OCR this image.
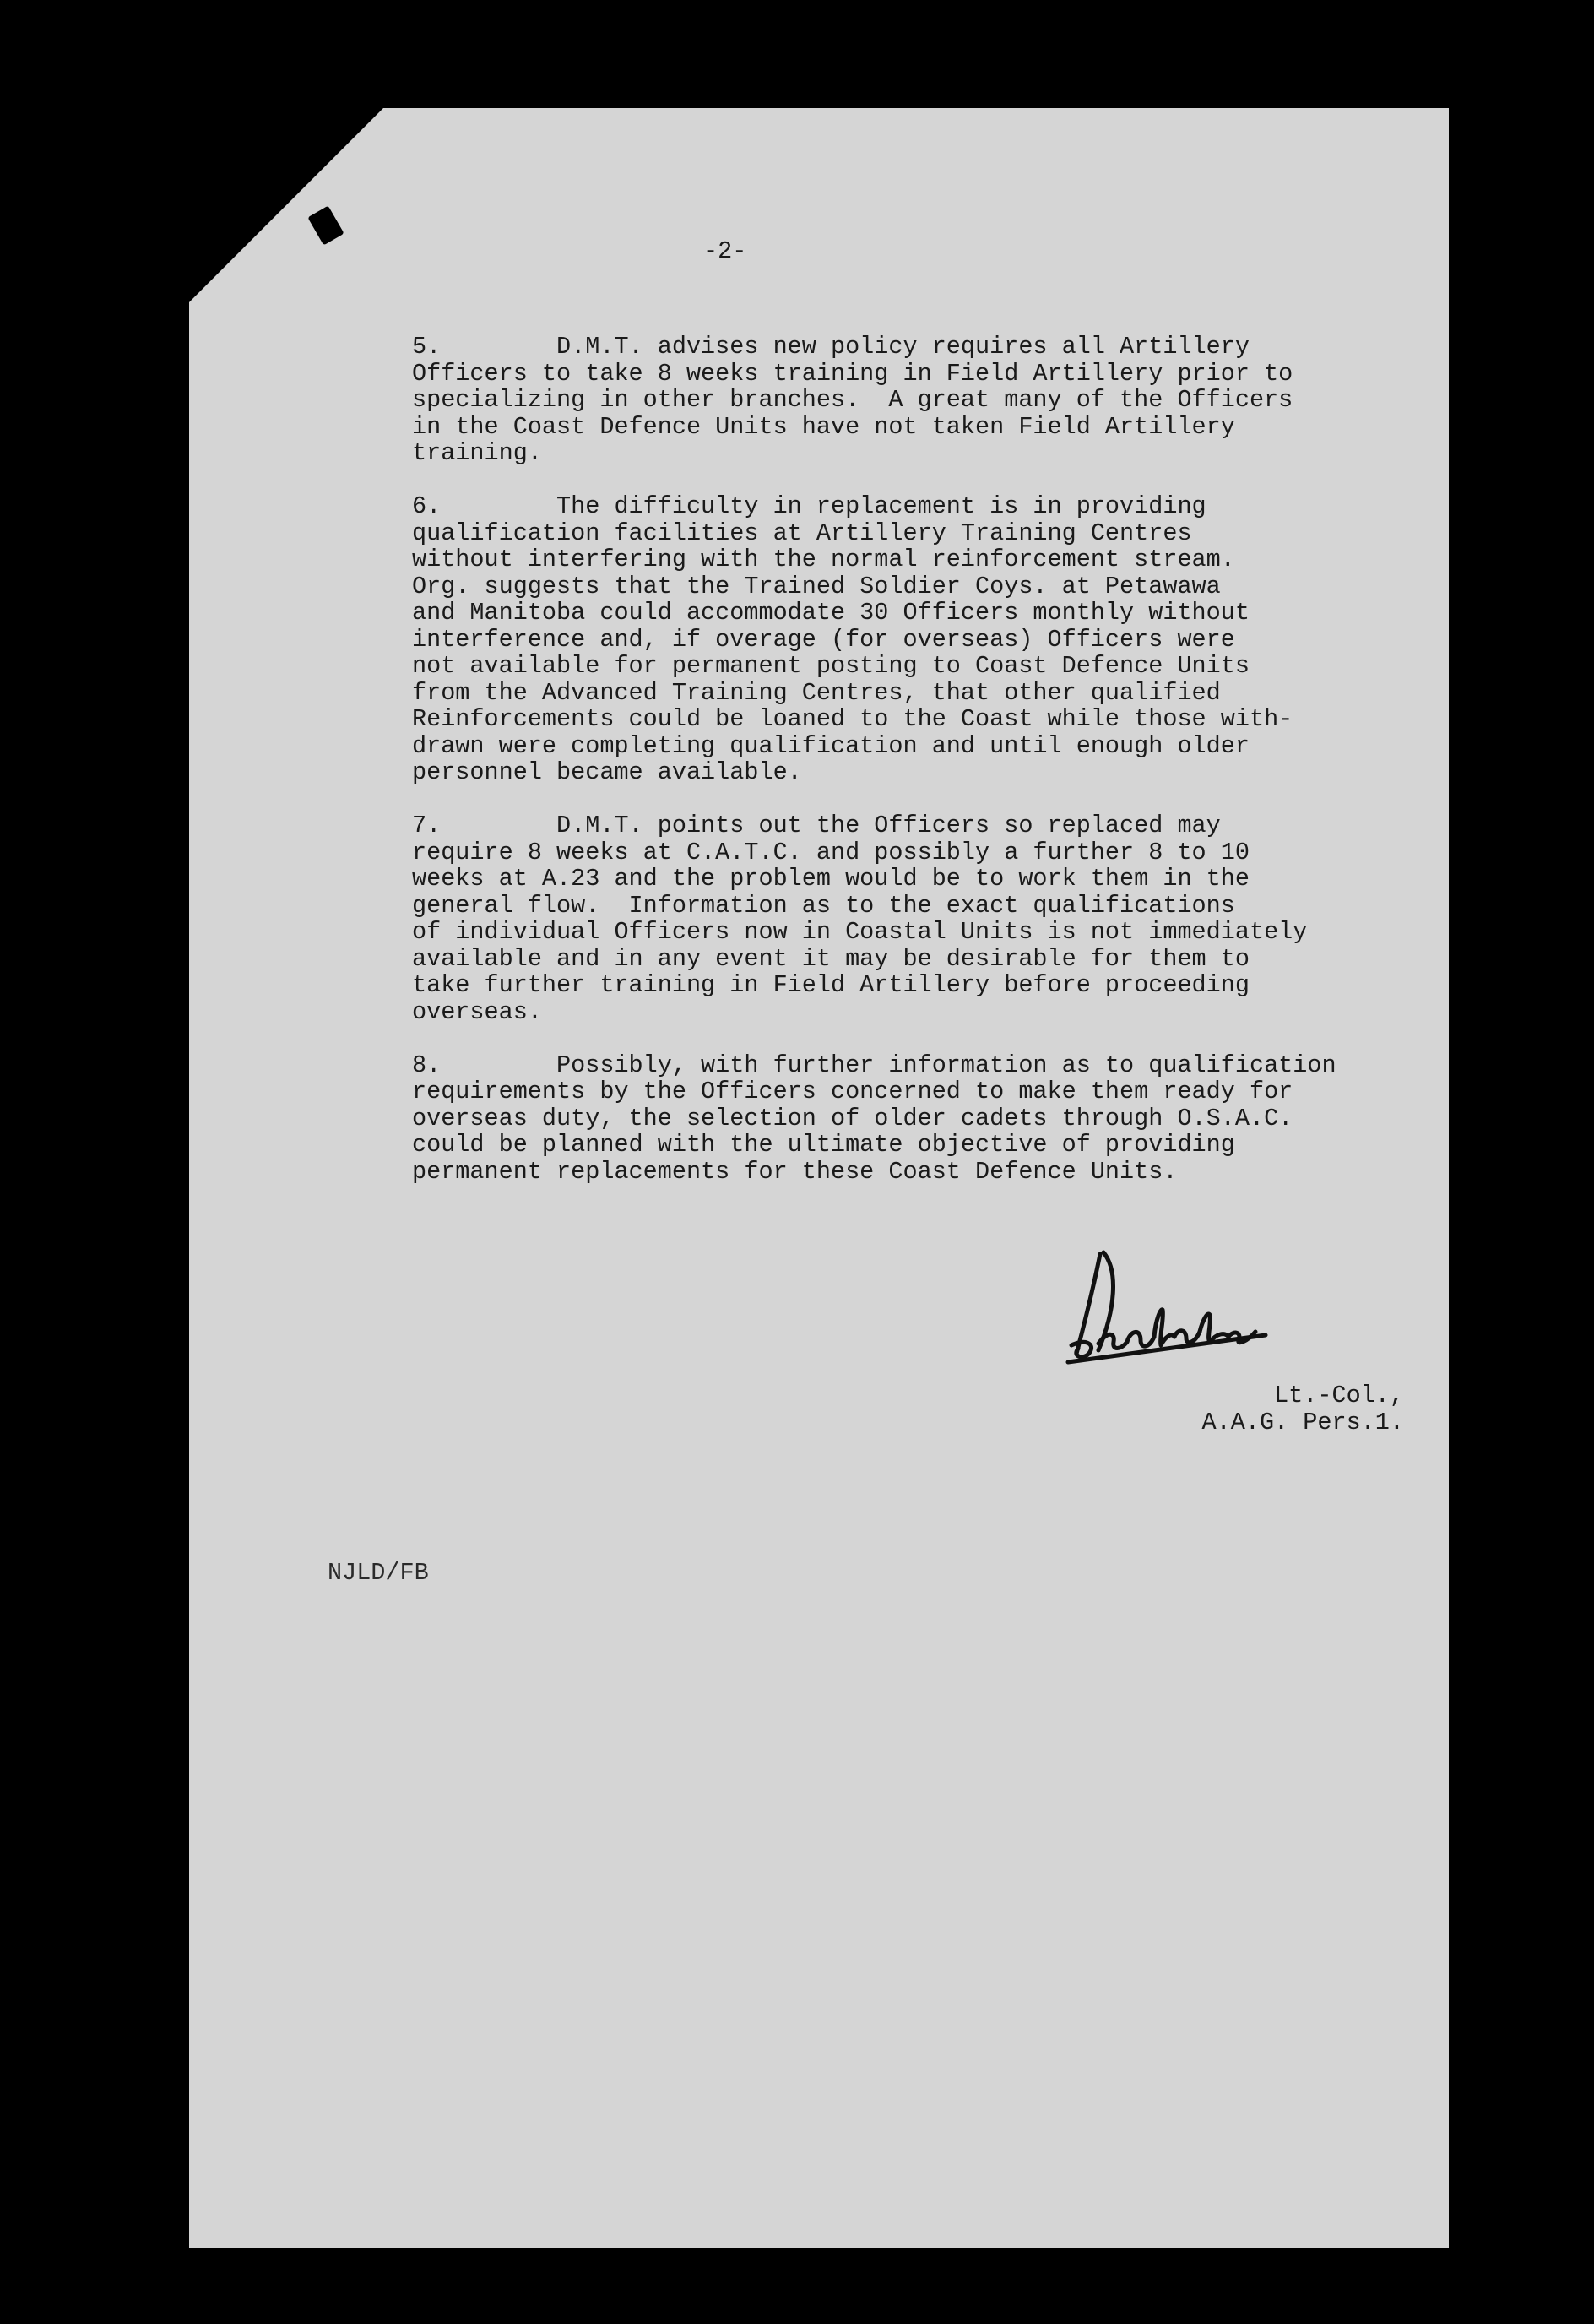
-2-
5.        D.M.T. advises new policy requires all Artillery
Officers to take 8 weeks training in Field Artillery prior to
specializing in other branches.  A great many of the Officers
in the Coast Defence Units have not taken Field Artillery
training.
6.        The difficulty in replacement is in providing
qualification facilities at Artillery Training Centres
without interfering with the normal reinforcement stream.
Org. suggests that the Trained Soldier Coys. at Petawawa
and Manitoba could accommodate 30 Officers monthly without
interference and, if overage (for overseas) Officers were
not available for permanent posting to Coast Defence Units
from the Advanced Training Centres, that other qualified
Reinforcements could be loaned to the Coast while those with-
drawn were completing qualification and until enough older
personnel became available.
7.        D.M.T. points out the Officers so replaced may
require 8 weeks at C.A.T.C. and possibly a further 8 to 10
weeks at A.23 and the problem would be to work them in the
general flow.  Information as to the exact qualifications
of individual Officers now in Coastal Units is not immediately
available and in any event it may be desirable for them to
take further training in Field Artillery before proceeding
overseas.
8.        Possibly, with further information as to qualification
requirements by the Officers concerned to make them ready for
overseas duty, the selection of older cadets through O.S.A.C.
could be planned with the ultimate objective of providing
permanent replacements for these Coast Defence Units.
Lt.-Col.,
A.A.G. Pers.1.
NJLD/FB
